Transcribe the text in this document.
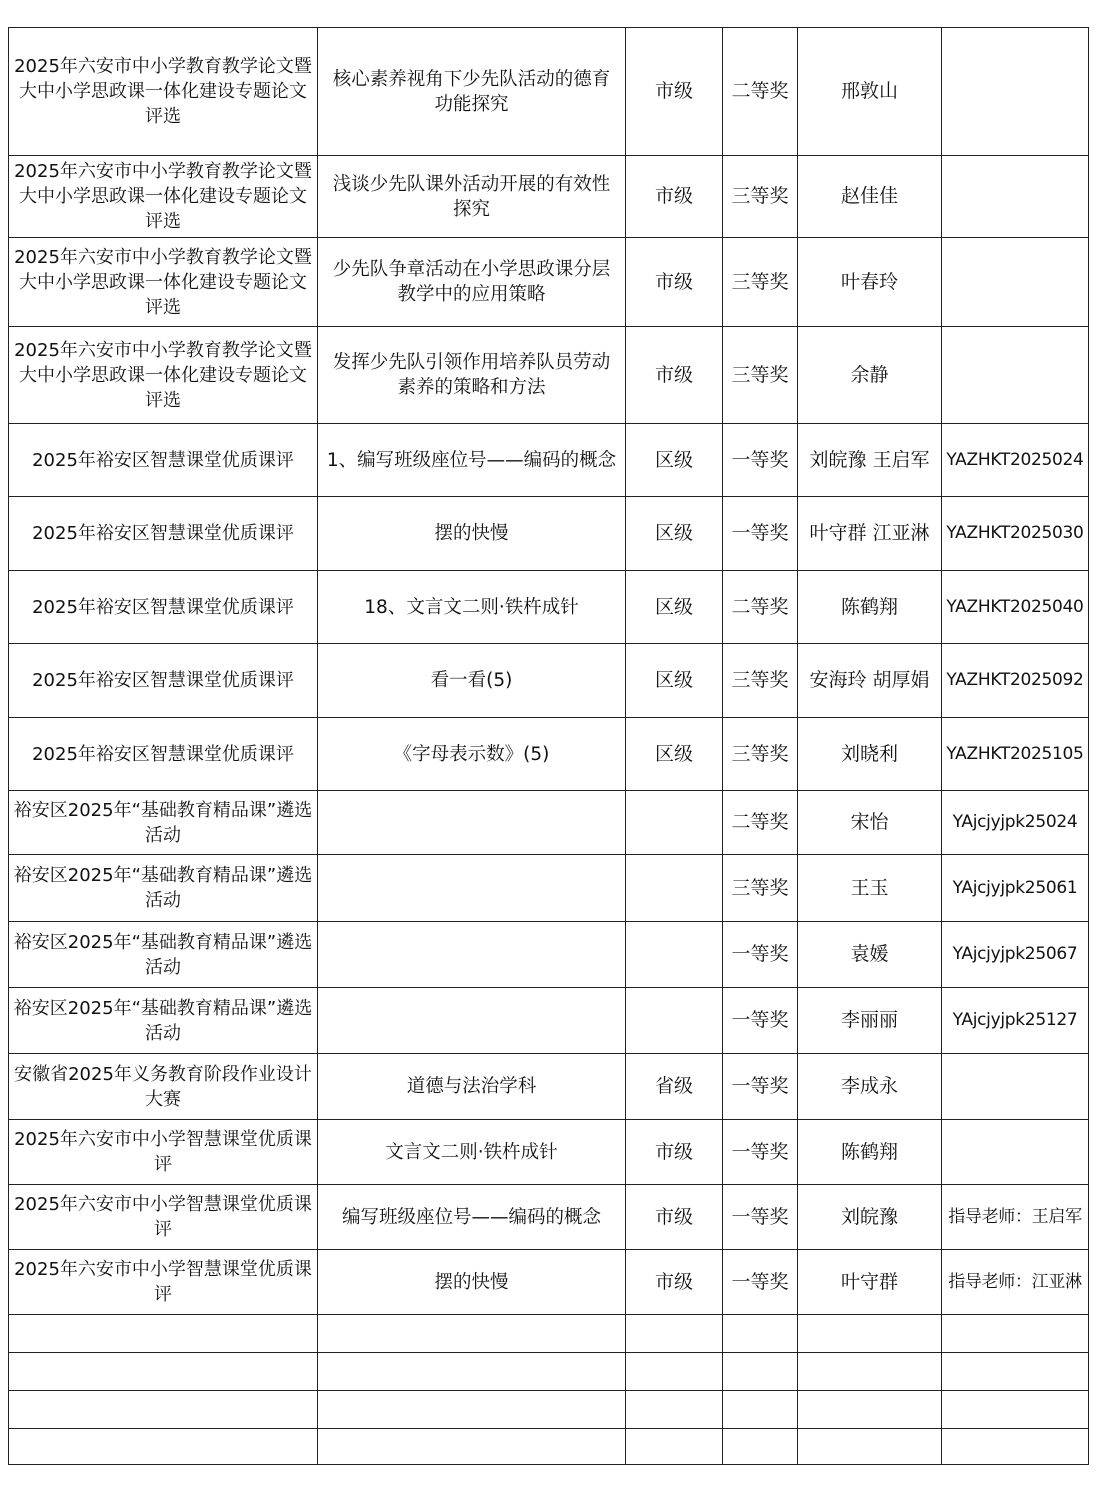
2025年六安市中小学教育教学论文暨大中小学思政课一体化建设专题论文评选	核心素养视角下少先队活动的德育功能探究	市级	二等奖	邢敦山	
2025年六安市中小学教育教学论文暨大中小学思政课一体化建设专题论文评选	浅谈少先队课外活动开展的有效性探究	市级	三等奖	赵佳佳	
2025年六安市中小学教育教学论文暨大中小学思政课一体化建设专题论文评选	少先队争章活动在小学思政课分层教学中的应用策略	市级	三等奖	叶春玲	
2025年六安市中小学教育教学论文暨大中小学思政课一体化建设专题论文评选	发挥少先队引领作用培养队员劳动素养的策略和方法	市级	三等奖	余静	
2025年裕安区智慧课堂优质课评	1、编写班级座位号——编码的概念	区级	一等奖	刘皖豫 王启军	YAZHKT2025024
2025年裕安区智慧课堂优质课评	摆的快慢	区级	一等奖	叶守群 江亚淋	YAZHKT2025030
2025年裕安区智慧课堂优质课评	18、文言文二则·铁杵成针	区级	二等奖	陈鹤翔	YAZHKT2025040
2025年裕安区智慧课堂优质课评	看一看(5)	区级	三等奖	安海玲 胡厚娟	YAZHKT2025092
2025年裕安区智慧课堂优质课评	《字母表示数》(5)	区级	三等奖	刘晓利	YAZHKT2025105
裕安区2025年“基础教育精品课”遴选活动			二等奖	宋怡	YAjcjyjpk25024
裕安区2025年“基础教育精品课”遴选活动			三等奖	王玉	YAjcjyjpk25061
裕安区2025年“基础教育精品课”遴选活动			一等奖	袁媛	YAjcjyjpk25067
裕安区2025年“基础教育精品课”遴选活动			一等奖	李丽丽	YAjcjyjpk25127
安徽省2025年义务教育阶段作业设计大赛	道德与法治学科	省级	一等奖	李成永	
2025年六安市中小学智慧课堂优质课评	文言文二则·铁杵成针	市级	一等奖	陈鹤翔	
2025年六安市中小学智慧课堂优质课评	编写班级座位号——编码的概念	市级	一等奖	刘皖豫	指导老师：王启军
2025年六安市中小学智慧课堂优质课评	摆的快慢	市级	一等奖	叶守群	指导老师：江亚淋
